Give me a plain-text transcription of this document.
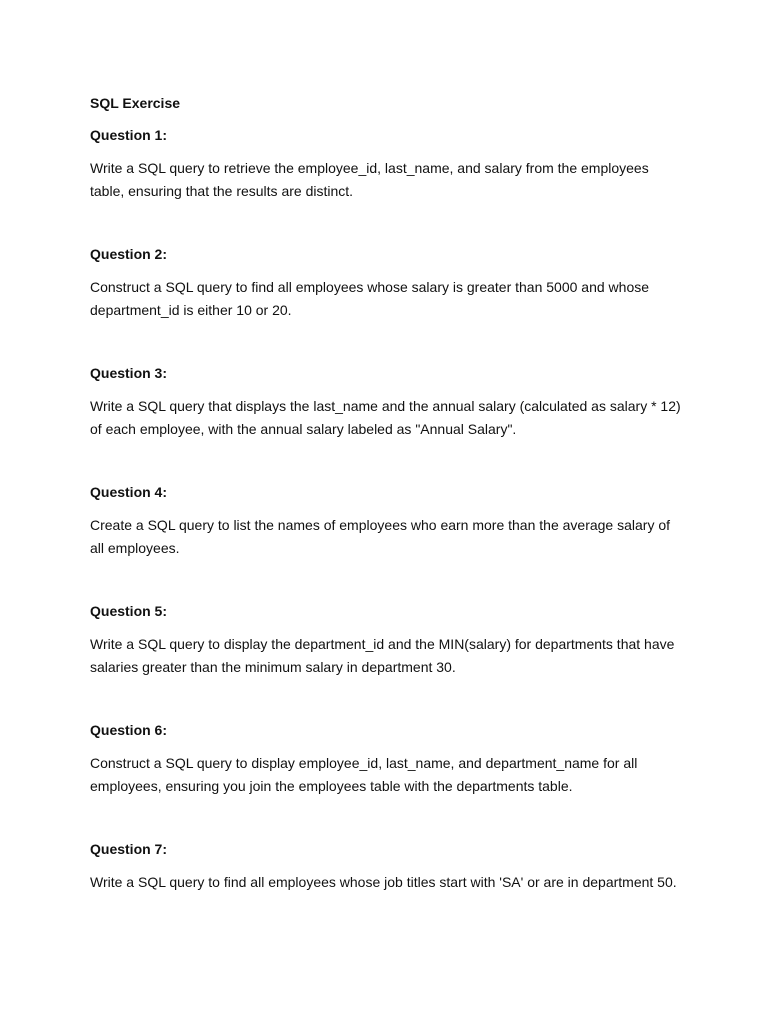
SQL Exercise
Question 1:

Write a SQL query to retrieve the employee_id, last_name, and salary from the employees table, ensuring that the results are distinct.

Question 2:

Construct a SQL query to find all employees whose salary is greater than 5000 and whose department_id is either 10 or 20.

Question 3:

Write a SQL query that displays the last_name and the annual salary (calculated as salary * 12) of each employee, with the annual salary labeled as "Annual Salary".

Question 4:

Create a SQL query to list the names of employees who earn more than the average salary of all employees.

Question 5:

Write a SQL query to display the department_id and the MIN(salary) for departments that have salaries greater than the minimum salary in department 30.

Question 6:

Construct a SQL query to display employee_id, last_name, and department_name for all employees, ensuring you join the employees table with the departments table.

Question 7:

Write a SQL query to find all employees whose job titles start with 'SA' or are in department 50.
